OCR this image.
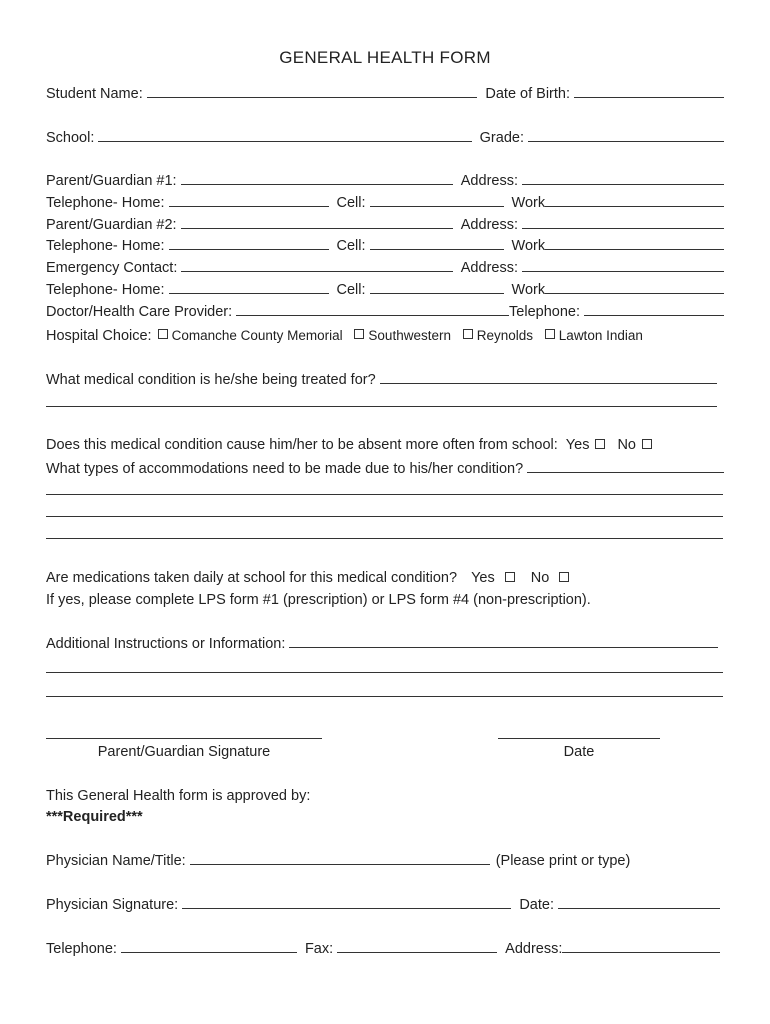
GENERAL HEALTH FORM
Student Name:	Date of Birth:
School:	Grade:
Parent/Guardian #1:	Address:
Telephone- Home:	Cell:	Work
Parent/Guardian #2:	Address:
Telephone- Home:	Cell:	Work
Emergency Contact:	Address:
Telephone- Home:	Cell:	Work
Doctor/Health Care Provider:	Telephone:
Hospital Choice:	Comanche County Memorial Southwestern Reynolds Lawton Indian
What medical condition is he/she being treated for?
Does this medical condition cause him/her to be absent more often from school: Yes No
What types of accommodations need to be made due to his/her condition?
Are medications taken daily at school for this medical condition? Yes No
If yes, please complete LPS form #1 (prescription) or LPS form #4 (non-prescription).
Additional Instructions or Information:
Parent/Guardian Signature	Date
This General Health form is approved by:
***Required***
Physician Name/Title:	(Please print or type)
Physician Signature:	Date:
Telephone:	Fax:	Address:
